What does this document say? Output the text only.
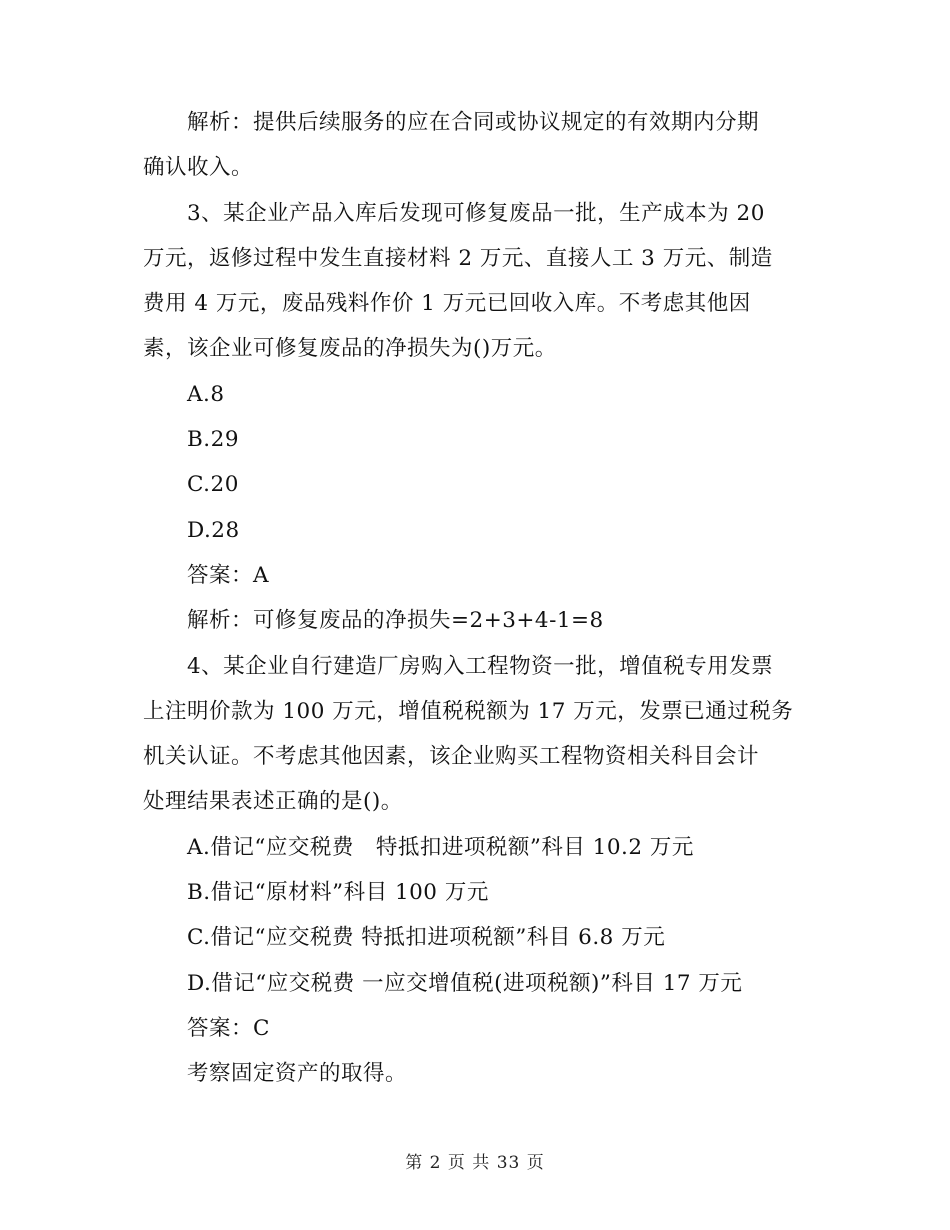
解析：提供后续服务的应在合同或协议规定的有效期内分期
确认收入。
3、某企业产品入库后发现可修复废品一批，生产成本为 20
万元，返修过程中发生直接材料 2 万元、直接人工 3 万元、制造
费用 4 万元，废品残料作价 1 万元已回收入库。不考虑其他因
素，该企业可修复废品的净损失为()万元。
A.8
B.29
C.20
D.28
答案：A
解析：可修复废品的净损失=2+3+4-1=8
4、某企业自行建造厂房购入工程物资一批，增值税专用发票
上注明价款为 100 万元，增值税税额为 17 万元，发票已通过税务
机关认证。不考虑其他因素，该企业购买工程物资相关科目会计
处理结果表述正确的是()。
A.借记“应交税费　特抵扣进项税额”科目 10.2 万元
B.借记“原材料”科目 100 万元
C.借记“应交税费 特抵扣进项税额”科目 6.8 万元
D.借记“应交税费 一应交增值税(进项税额)”科目 17 万元
答案：C
考察固定资产的取得。
第 2 页 共 33 页
